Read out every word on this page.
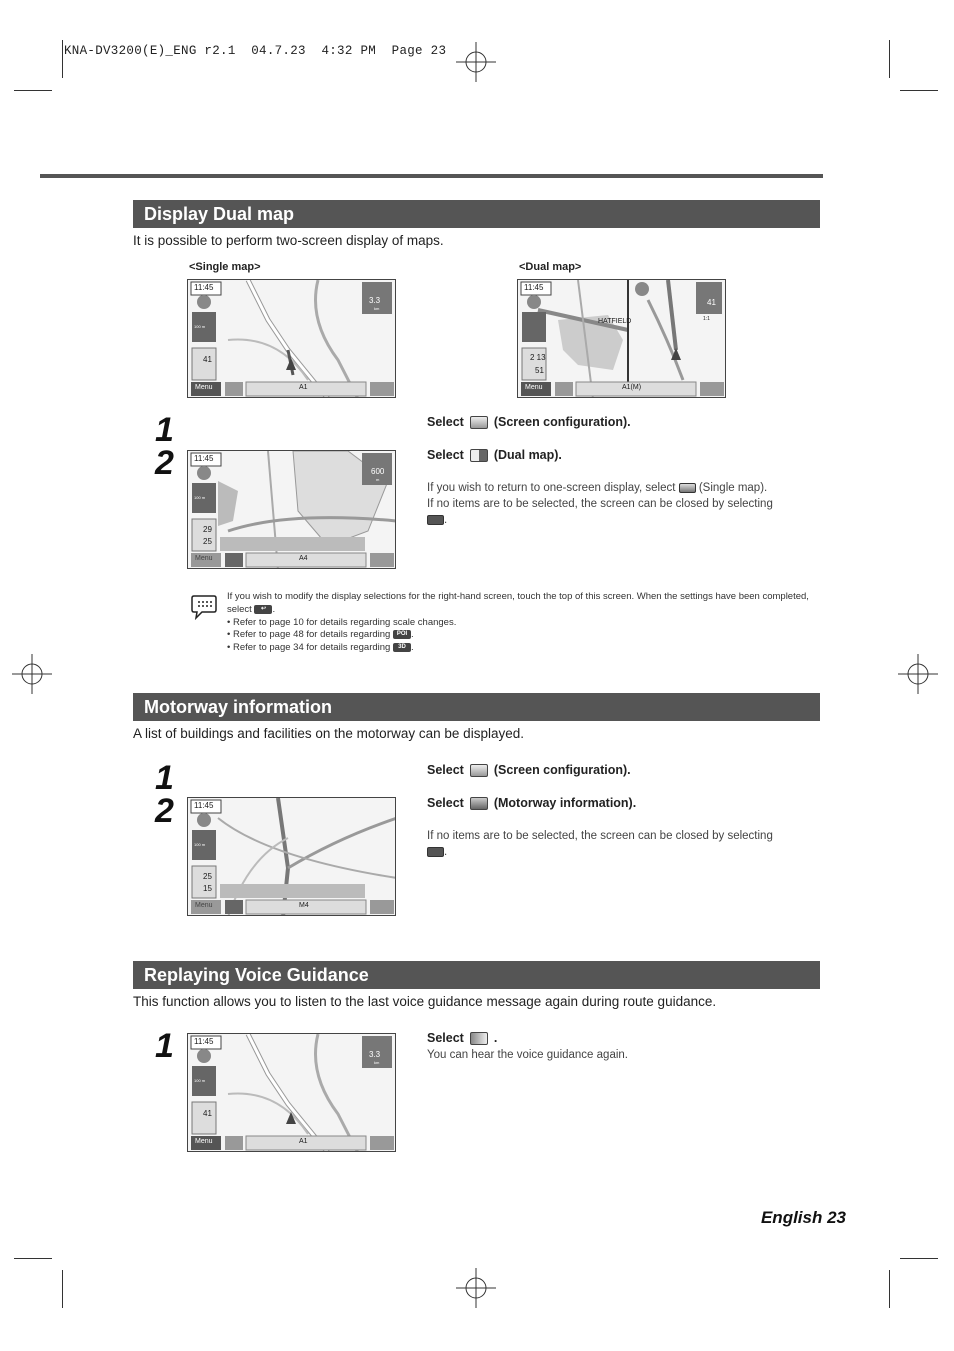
KNA-DV3200(E)_ENG r2.1  04.7.23  4:32 PM  Page 23
Display Dual map
It is possible to perform two-screen display of maps.
<Single map>	<Dual map>
11:45
3.3
km
100 m
41
Menu	A1
11:45
HATFIELD
41
1:1
2 13
51
Menu	A1(M)
1
2
Select (Screen configuration).
Select (Dual map).
If you wish to return to one-screen display, select (Single map).
If no items are to be selected, the screen can be closed by selecting
.
11:45
600
m
100 m
29
25
Menu	A4
If you wish to modify the display selections for the right-hand screen, touch the top of this screen. When the settings have been completed, select ↩ .
• Refer to page 10 for details regarding scale changes.
• Refer to page 48 for details regarding POI .
• Refer to page 34 for details regarding 3D .
Motorway information
A list of buildings and facilities on the motorway can be displayed.
1
2
Select (Screen configuration).
Select (Motorway information).
If no items are to be selected, the screen can be closed by selecting
.
11:45
100 m
25
15
Menu	M4
Replaying Voice Guidance
This function allows you to listen to the last voice guidance message again during route guidance.
1	Select .
You can hear the voice guidance again.
11:45
3.3
km
100 m
41
Menu	A1
English 23
